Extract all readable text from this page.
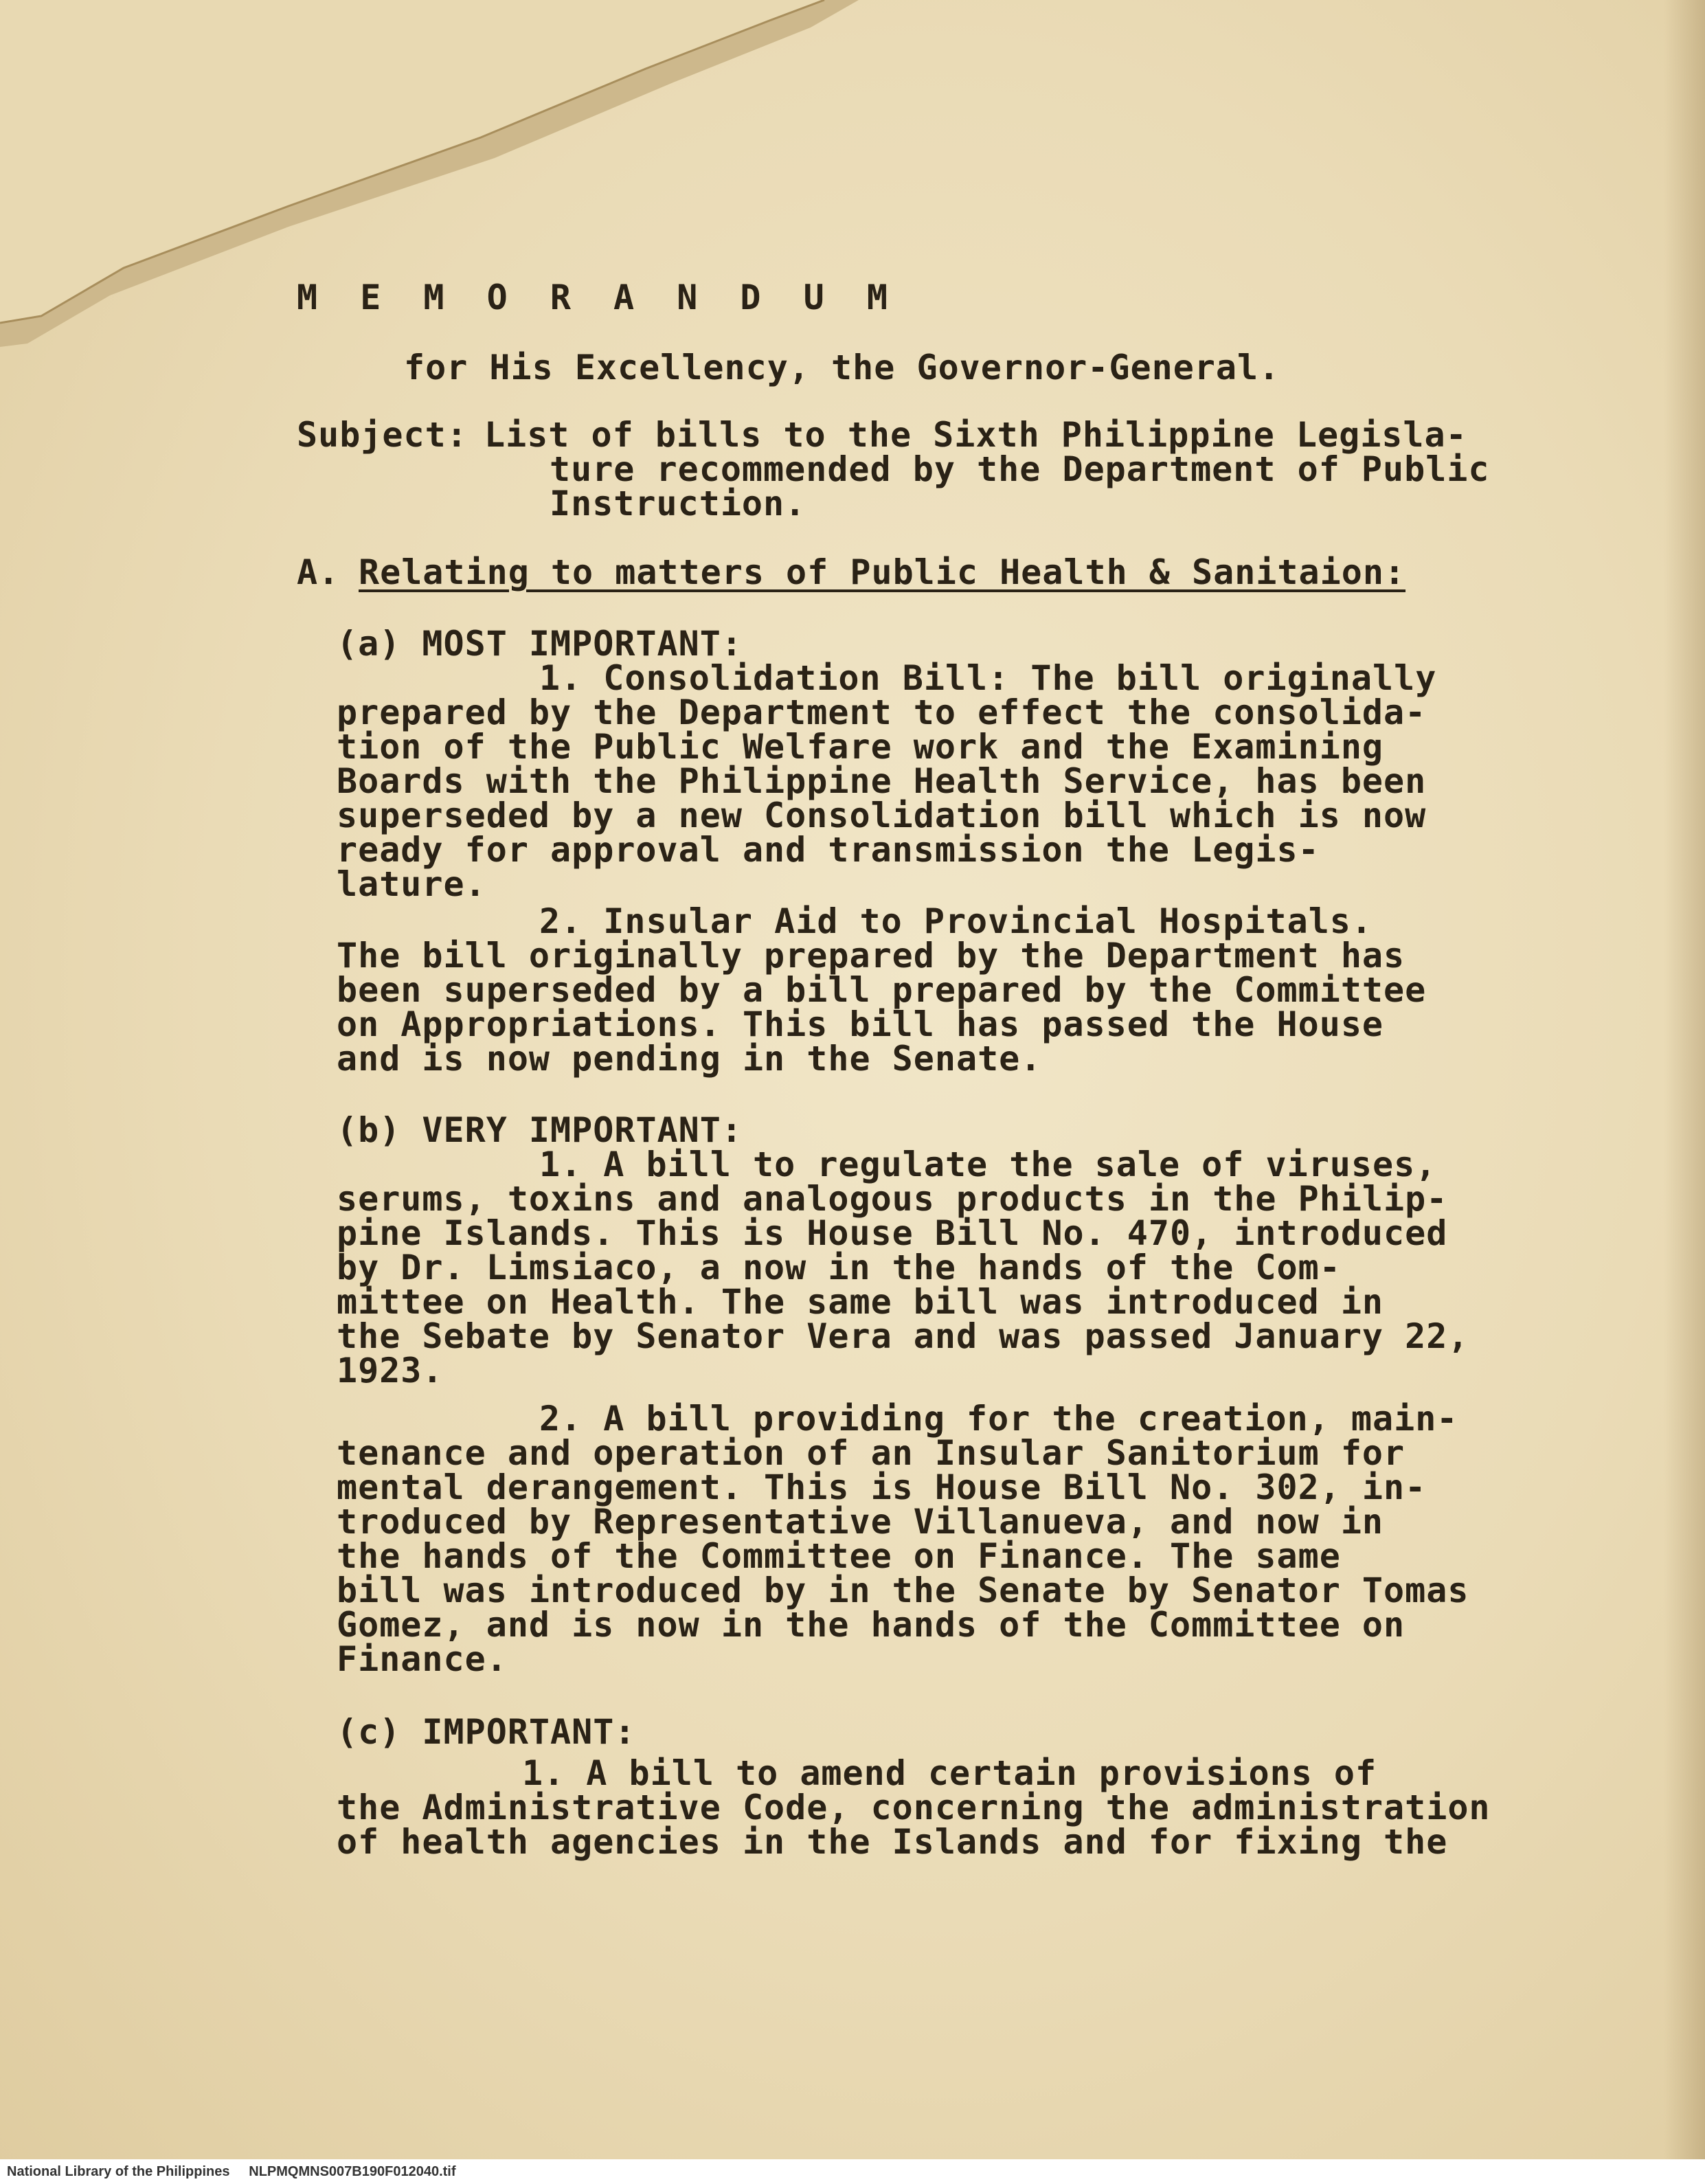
M E M O R A N D U M
for His Excellency, the Governor-General.
Subject: List of bills to the Sixth Philippine Legisla-
ture recommended by the Department of Public
Instruction.
A. Relating to matters of Public Health & Sanitaion:
(a) MOST IMPORTANT:
1. Consolidation Bill: The bill originally
prepared by the Department to effect the consolida-
tion of the Public Welfare work and the Examining
Boards with the Philippine Health Service, has been
superseded by a new Consolidation bill which is now
ready for approval and transmission the Legis-
lature.
2. Insular Aid to Provincial Hospitals.
The bill originally prepared by the Department has
been superseded by a bill prepared by the Committee
on Appropriations. This bill has passed the House
and is now pending in the Senate.
(b) VERY IMPORTANT:
1. A bill to regulate the sale of viruses,
serums, toxins and analogous products in the Philip-
pine Islands. This is House Bill No. 470, introduced
by Dr. Limsiaco, a now in the hands of the Com-
mittee on Health. The same bill was introduced in
the Sebate by Senator Vera and was passed January 22,
1923.
2. A bill providing for the creation, main-
tenance and operation of an Insular Sanitorium for
mental derangement. This is House Bill No. 302, in-
troduced by Representative Villanueva, and now in
the hands of the Committee on Finance. The same
bill was introduced by in the Senate by Senator Tomas
Gomez, and is now in the hands of the Committee on
Finance.
(c) IMPORTANT:
1. A bill to amend certain provisions of
the Administrative Code, concerning the administration
of health agencies in the Islands and for fixing the
National Library of the Philippines     NLPMQMNS007B190F012040.tif
